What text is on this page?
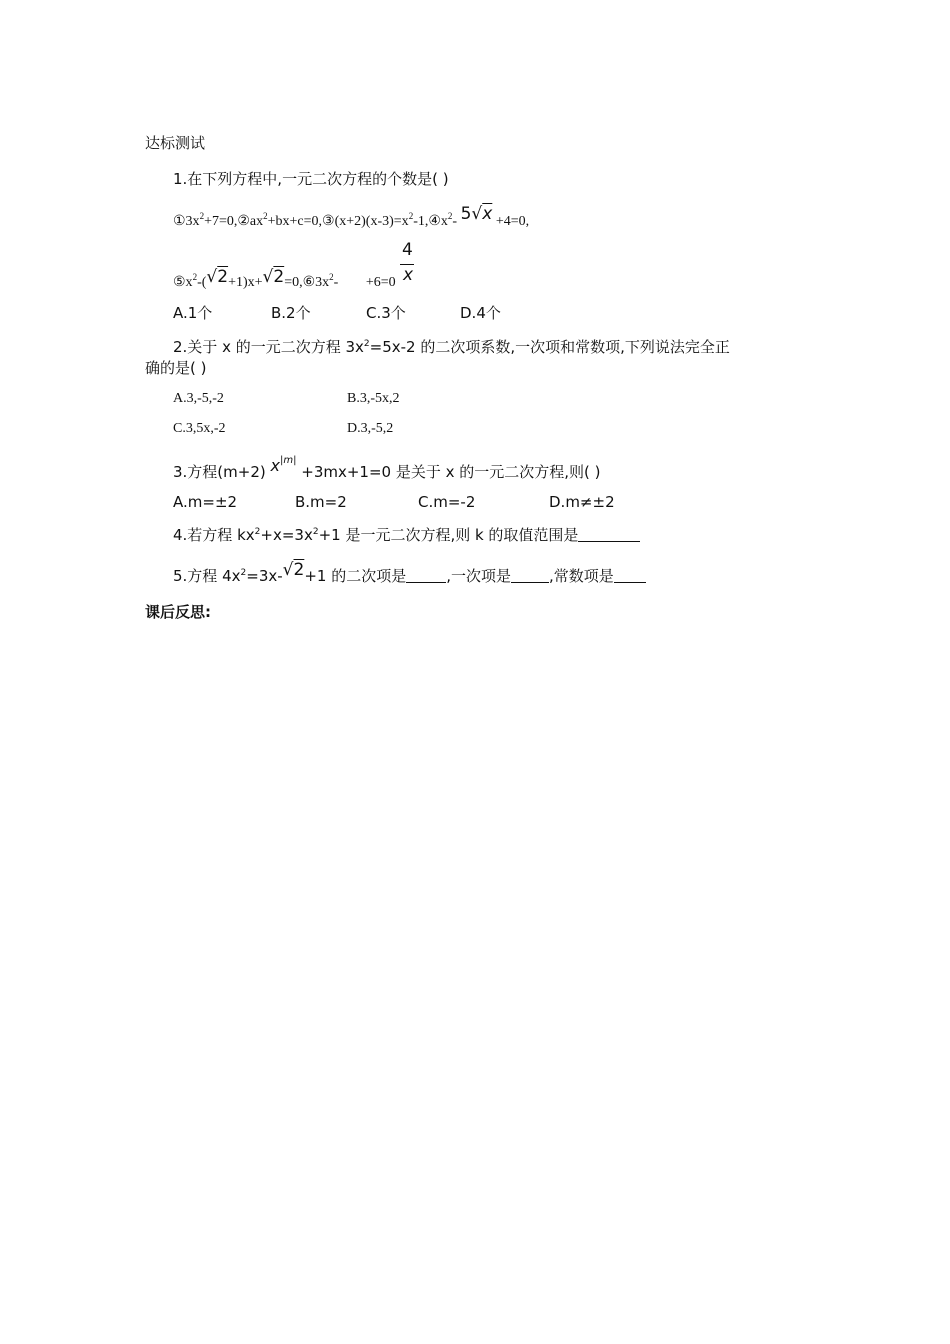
达标测试
1.在下列方程中,一元二次方程的个数是( )
$①3x^2+7=0,②ax^2+bx+c=0,③(x+2)(x-3)=x^2-1,④x^2-$ 5√x +4=0,
4
x
$⑤x^2-(√2+1)x+√2=0,⑥3x^2- +6=0$
A.1个	B.2个	C.3个	D.4个
2.关于 x 的一元二次方程 $3x^2=5x-2$ 的二次项系数,一次项和常数项,下列说法完全正
确的是( )
A.3,-5,-2	B.3,-5x,2
C.3,5x,-2	D.3,-5,2
3.方程(m+2) $x^{|m|} +3mx+1=0$ 是关于 x 的一元二次方程,则( )
A.m=±2	B.m=2	C.m=-2	D.m≠±2
4.若方程 $kx^2+x=3x^2+1$ 是一元二次方程,则 k 的取值范围是
5.方程 $4x^2=3x-√2+1$ 的二次项是	,一次项是	,常数项是
课后反思:
